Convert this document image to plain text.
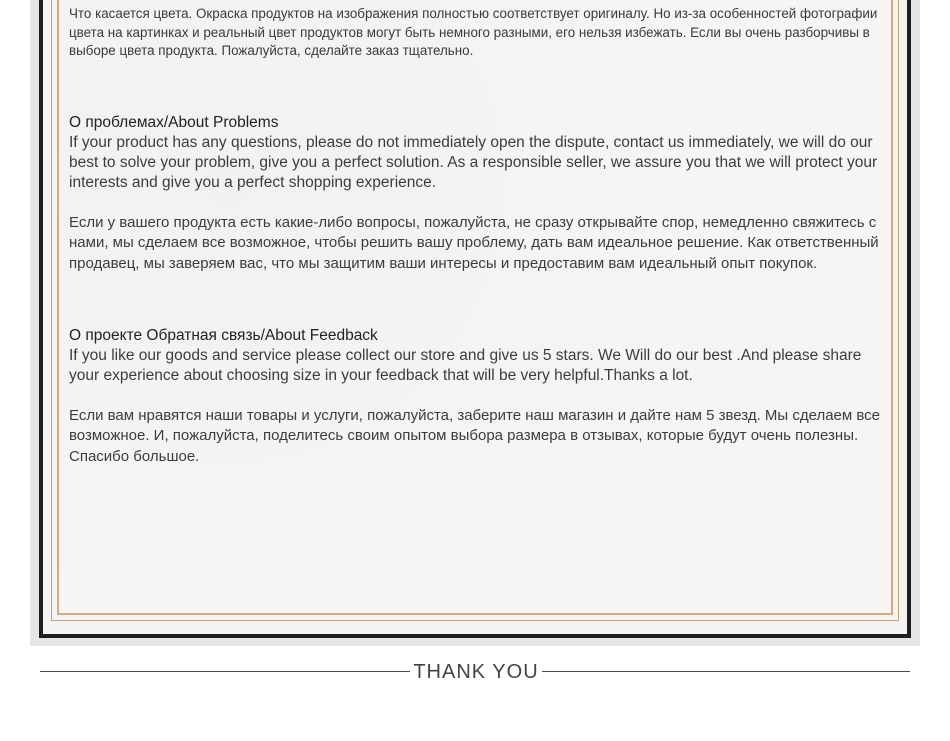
Что касается цвета. Окраска продуктов на изображения полностью соответствует оригиналу. Но из-за особенностей фотографии цвета на картинках и реальный цвет продуктов могут быть немного разными, его нельзя избежать. Если вы очень разборчивы в выборе цвета продукта. Пожалуйста, сделайте заказ тщательно.

О проблемах/About Problems

If your product has any questions, please do not immediately open the dispute, contact us immediately, we will do our best to solve your problem, give you a perfect solution. As a responsible seller, we assure you that we will protect your interests and give you a perfect shopping experience.

Если у вашего продукта есть какие-либо вопросы, пожалуйста, не сразу открывайте спор, немедленно свяжитесь с нами, мы сделаем все возможное, чтобы решить вашу проблему, дать вам идеальное решение. Как ответственный продавец, мы заверяем вас, что мы защитим ваши интересы и предоставим вам идеальный опыт покупок.

О проекте Обратная связь/About Feedback

If you like our goods and service please collect our store and give us 5 stars. We Will do our best .And please share your experience about choosing size in your feedback that will be very helpful.Thanks a lot.

Если вам нравятся наши товары и услуги, пожалуйста, заберите наш магазин и дайте нам 5 звезд. Мы сделаем все возможное. И, пожалуйста, поделитесь своим опытом выбора размера в отзывах, которые будут очень полезны. Спасибо большое.

THANK YOU
